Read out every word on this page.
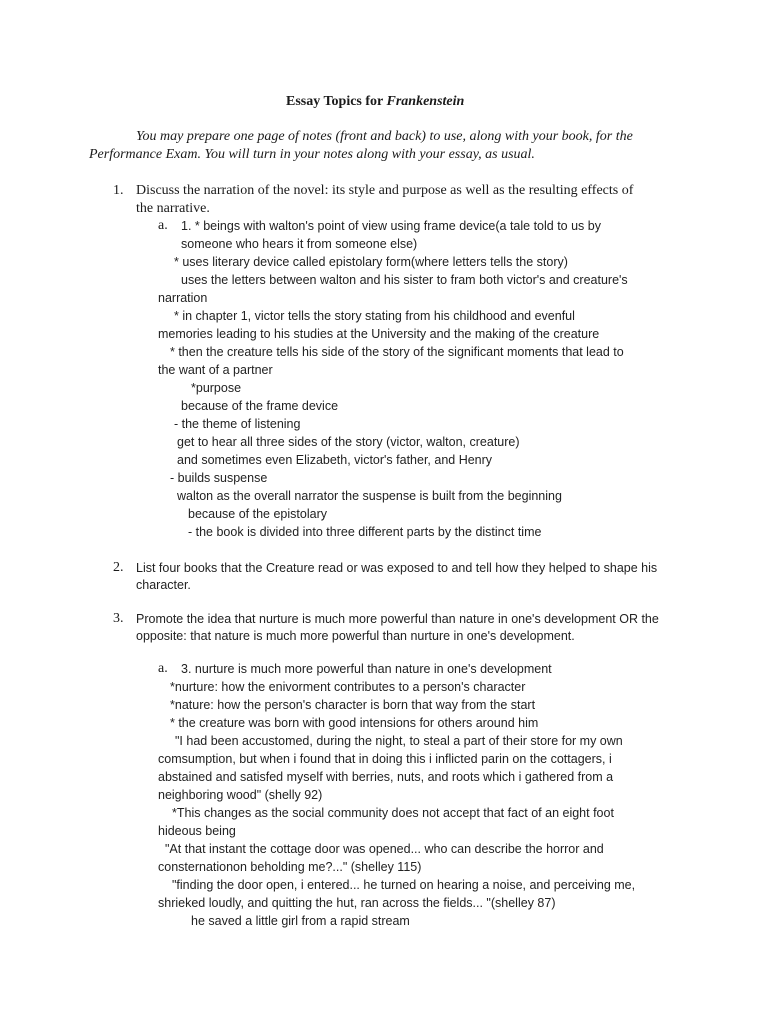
Essay Topics for Frankenstein
You may prepare one page of notes (front and back) to use, along with your book, for the
Performance Exam. You will turn in your notes along with your essay, as usual.
1. Discuss the narration of the novel: its style and purpose as well as the resulting effects of
the narrative.
a. 1. * beings with walton's point of view using frame device(a tale told to us by
someone who hears it from someone else)
* uses literary device called epistolary form(where letters tells the story)
uses the letters between walton and his sister to fram both victor's and creature's
narration
* in chapter 1, victor tells the story stating from his childhood and evenful
memories leading to his studies at the University and the making of the creature
* then the creature tells his side of the story of the significant moments that lead to
the want of a partner
*purpose
because of the frame device
- the theme of listening
get to hear all three sides of the story (victor, walton, creature)
and sometimes even Elizabeth, victor's father, and Henry
- builds suspense
walton as the overall narrator the suspense is built from the beginning
because of the epistolary
- the book is divided into three different parts by the distinct time
2. List four books that the Creature read or was exposed to and tell how they helped to shape his
character.
3. Promote the idea that nurture is much more powerful than nature in one's development OR the
opposite: that nature is much more powerful than nurture in one's development.
a. 3. nurture is much more powerful than nature in one's development
*nurture: how the enivorment contributes to a person's character
*nature: how the person's character is born that way from the start
* the creature was born with good intensions for others around him
"I had been accustomed, during the night, to steal a part of their store for my own
comsumption, but when i found that in doing this i inflicted parin on the cottagers, i
abstained and satisfed myself with berries, nuts, and roots which i gathered from a
neighboring wood" (shelly 92)
*This changes as the social community does not accept that fact of an eight foot
hideous being
"At that instant the cottage door was opened... who can describe the horror and
consternationon beholding me?..." (shelley 115)
"finding the door open, i entered... he turned on hearing a noise, and perceiving me,
shrieked loudly, and quitting the hut, ran across the fields... "(shelley 87)
he saved a little girl from a rapid stream
